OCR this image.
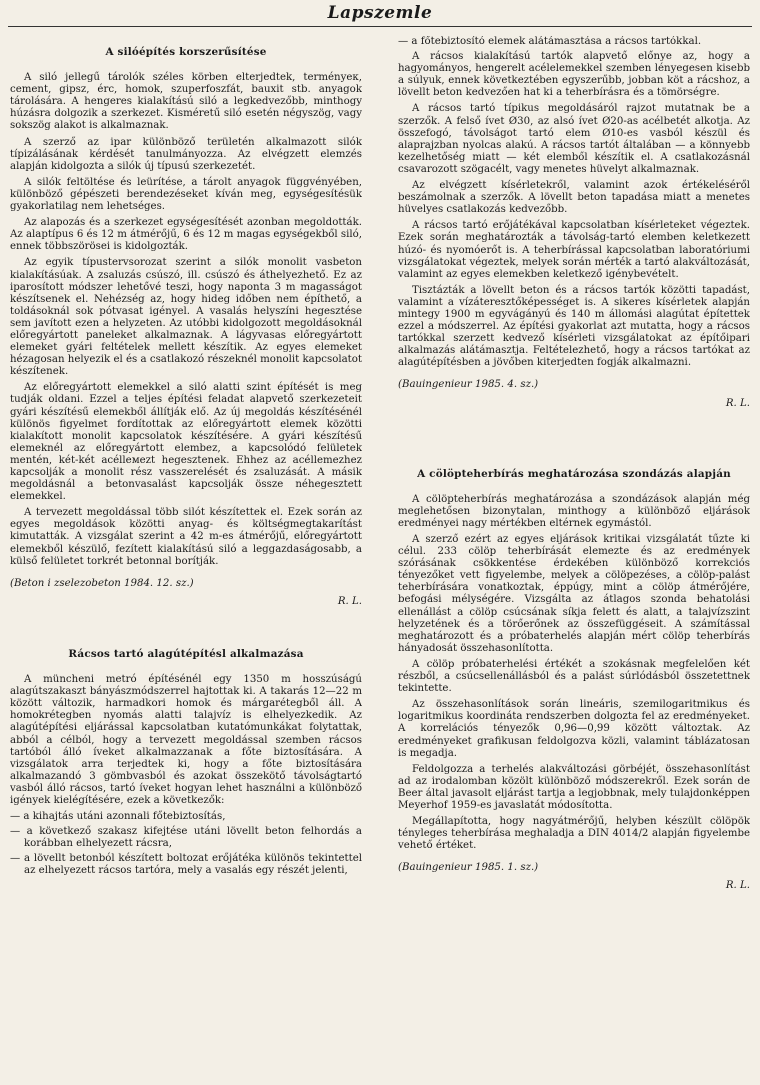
Lapszemle
A silóépítés korszerűsítése

A siló jellegű tárolók széles körben elterjedtek, terményeк, cement, gipsz, érc, homok, szuperfoszfát, bauxit stb. anyagok tárolására. A hengeres kialakítású siló a legkedvezőbb, minthogy húzásra dolgozik a szerkezet. Kisméretű siló esetén négyszög, vagy sokszög alakot is alkalmaznak.

A szerző az ipar különböző területén alkalmazott silók típizálásának kérdését tanulmányozza. Az elvégzett elemzés alapján kidolgozta a silók új típusú szerkezetét.

A silók feltöltése és leürítése, a tárolt anyagok függvényében, különböző gépészeti berendezéseket kíván meg, egységesítésük gyakorlatilag nem lehetséges.

Az alapozás és a szerkezet egységesítését azonban megoldották. Az alaptípus 6 és 12 m átmérőjű, 6 és 12 m magas egységekből siló, ennek többszörösei is kidolgozták.

Az egyik típustervsorozat szerint a silók monolit vasbeton kialakításúak. A zsaluzás csúszó, ill. csúszó és áthelyezhető. Ez az iparosított módszer lehetővé teszi, hogy naponta 3 m magasságot készítsenek el. Nehézség az, hogy hideg időben nem építhető, a toldásoknál sok pótvasat igényel. A vasalás helyszíni hegesztése sem javított ezen a helyzeten. Az utóbbi kidolgozott megoldásoknál előregyártott paneleket alkalmaznak. A lágyvasas előregyártott elemeket gyári feltételek mellett készítik. Az egyes elemeket hézagosan helyezik el és a csatlakozó részeknél monolit kapcsolatot készítenek.

Az előregyártott elemekkel a siló alatti szint építését is meg tudják oldani. Ezzel a teljes építési feladat alapvető szerkezeteit gyári készítésű elemekből állítják elő. Az új megoldás készítésénél különös figyelmet fordítottak az előregyártott elemek közötti kialakított monolit kapcsolatok készítésére. A gyári készítésű elemeknél az előregyártott elembez, a kapcsolódó felületek mentén, két-két acélleмezt hegesztenek. Ehhez az acéllemezhez kapcsolják a monolit rész vasszerelését és zsaluzását. A másik megoldásnál a betonvasalást kapcsolják össze néhegesztett elemekkel.

A tervezett megoldással több silót készítettek el. Ezek során az egyes megoldások közötti anyag- és költségmegtakarítást kimutatták. A vizsgálat szerint a 42 m-es átmérőjű, előregyártott elemekből készülő, fezített kialakítású siló a leggazdaságosabb, a külső felületet torkrét betonnal borítják.

(Beton i zselezobeton 1984. 12. sz.)

R. L.

Rácsos tartó alagútépítésl alkalmazása

A müncheni metró építésénél egy 1350 m hosszúságú alagútszakaszt bányászmódszerrel hajtottak ki. A takarás 12—22 m között változik, harmadkori homok és márgarétegből áll. A homokrétegben nyomás alatti talajvíz is elhelyezkedik. Az alagútépítési eljárással kapcsolatban kutatómunkákat folytattak, abból a célból, hogy a tervezett megoldással szemben rácsos tartóból álló íveket alkalmazzanak a főte biztosítására. A vizsgálatok arra terjedtek ki, hogy a főte biztosítására alkalmazandó 3 gömbvasból és azokat összekötő távolságtartó vasból álló rácsos, tartó íveket hogyan lehet használni a különböző igények kielégítésére, ezek a következők:

— a kihajtás utáni azonnali főtebiztosítás,

— a következő szakasz kifejtése utáni lövellt beton felhordás a korábban elhelyezett rácsra,

— a lövellt betonból készített boltozat erőjátéka különös tekintettel az elhelyezett rácsos tartóra, mely a vasalás egy részét jelenti,

— a főtebiztosító elemek alátámasztása a rácsos tartókkal.

A rácsos kialakítású tartók alapvető előnye az, hogy a hagyományos, hengerelt acélelemekkel szemben lényegesen kisebb a súlyuk, ennek következtében egyszerűbb, jobban köt a rácshoz, a lövellt beton kedvezően hat ki a teherbírásra és a tömörségre.

A rácsos tartó típikus megoldásáról rajzot mutatnak be a szerzők. A felső ívet Ø30, az alsó ívet Ø20-as acélbetét alkotja. Az összefogó, távolságot tartó elem Ø10-es vasból készül és alaprajzban nyolcas alakú. A rácsos tartót általában — a könnyebb kezelhetőség miatt — két elemből készítik el. A csatlakozásnál csavarozott szögacélt, vagy menetes hüvelyt alkalmaznak.

Az elvégzett kísérletekről, valamint azok értékeléséről beszámolnak a szerzők. A lövellt beton tapadása miatt a menetes hüvelyes csatlakozás kedvezőbb.

A rácsos tartó erőjátékával kapcsolatban kísérleteket végeztek. Ezek során meghatározták a távolság-tartó elemben keletkezett húzó- és nyomóerőt is. A teherbírással kapcsolatban laboratóriumi vizsgálatokat végeztek, melyek során mérték a tartó alakváltozását, valamint az egyes elemekben keletkező igénybevételt.

Tisztázták a lövellt beton és a rácsos tartók közötti tapadást, valamint a vízáteresztőképességet is. A sikeres kísérletek alapján mintegy 1900 m egyvágányú és 140 m állomási alagútat építettek ezzel a módszerrel. Az építési gyakorlat azt mutatta, hogy a rácsos tartókkal szerzett kedvező kísérleti vizsgálatokat az építőipari alkalmazás alátámasztja. Feltételezhető, hogy a rácsos tartókat az alagútépítésben a jövőben kiterjedten fogják alkalmazni.

(Bauingenieur 1985. 4. sz.)

R. L.

A cölöpteherbírás meghatározása szondázás alapján

A cölöpteherbírás meghatározása a szondázások alapján még meglehetősen bizonytalan, minthogy a különböző eljárások eredményei nagy mértékben eltérnek egymástól.

A szerző ezért az egyes eljárások kritikai vizsgálatát tűzte ki célul. 233 cölöp teherbírását elemezte és az eredmények szórásának csökkentése érdekében különböző korrekciós tényezőket vett figyelembe, melyek a cölöpezéses, a cölöp-palást teherbírására vonatkoztak, éppúgy, mint a cölöp átmérőjére, befogási mélységére. Vizsgálta az átlagos szonda behatolási ellenállást a cölöp csúcsának síkja felett és alatt, a talajvízszint helyzetének és a törőerőnek az összefüggéseit. A számítással meghatározott és a próbaterhelés alapján mért cölöp teherbírás hányadosát összehasonlította.

A cölöp próbaterhelési értékét a szokásnak megfelelően két részből, a csúcsellenállásból és a palást súrlódásból összetettnek tekintette.

Az összehasonlítások során lineáris, szemilogaritmikus és logaritmikus koordináta rendszerben dolgozta fel az eredményeket. A korrelációs tényezők 0,96—0,99 között változtak. Az eredményeket grafikusan feldolgozva közli, valamint táblázatosan is megadja.

Feldolgozza a terhelés alakváltozási görbéjét, összehasonlítást ad az irodalomban közölt különböző módszerekről. Ezek során de Beer által javasolt eljárást tartja a legjobbnak, mely tulajdonképpen Meyerhof 1959-es javaslatát módosította.

Megállapította, hogy nagyátmérőjű, helyben készült cölöpök tényleges teherbírása meghaladja a DIN 4014/2 alapján figyelembe vehető értéket.

(Bauingenieur 1985. 1. sz.)

R. L.
